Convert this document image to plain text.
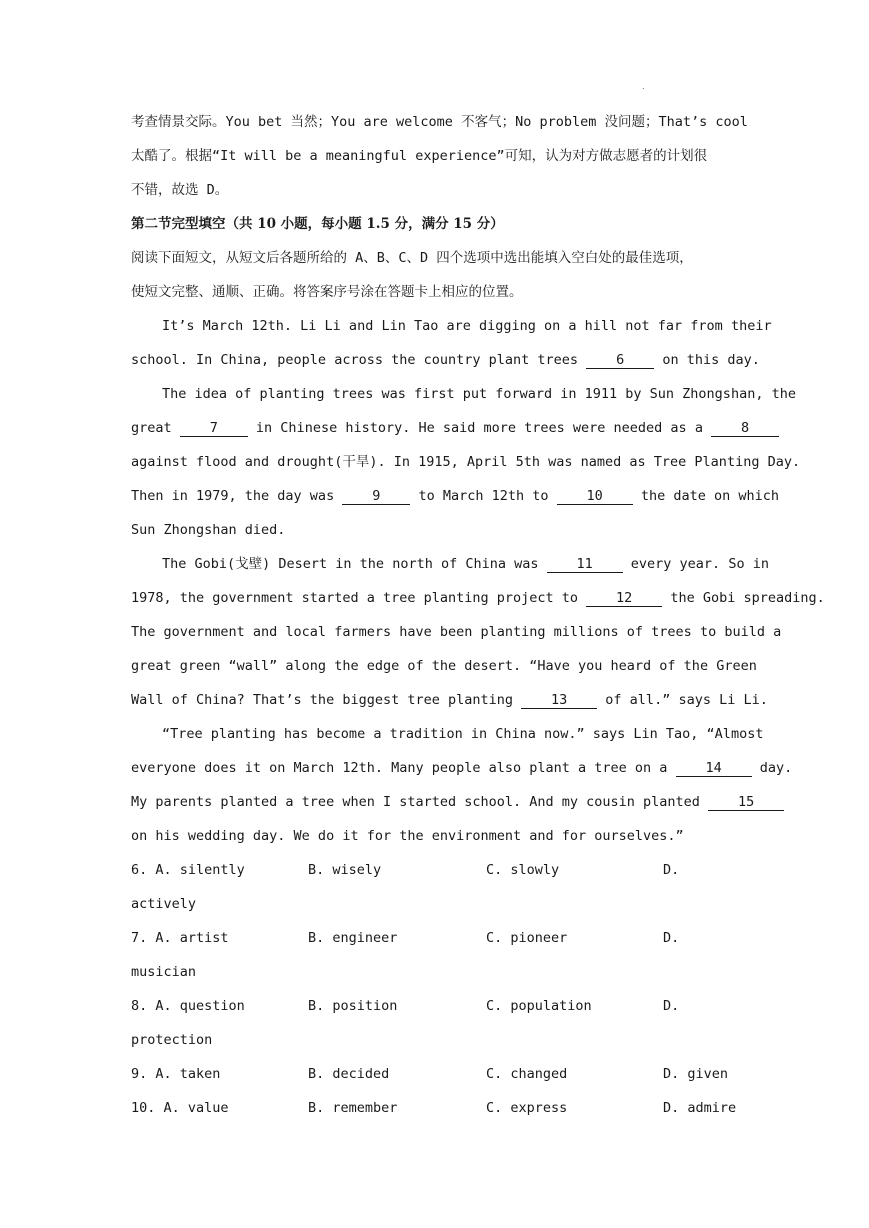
.
考查情景交际。You bet 当然；You are welcome 不客气；No problem 没问题；That’s cool
太酷了。根据“It will be a meaningful experience”可知，认为对方做志愿者的计划很
不错，故选 D。
第二节完型填空（共 10 小题，每小题 1.5 分，满分 15 分）
阅读下面短文，从短文后各题所给的 A、B、C、D 四个选项中选出能填入空白处的最佳选项，
使短文完整、通顺、正确。将答案序号涂在答题卡上相应的位置。
It’s March 12th. Li Li and Lin Tao are digging on a hill not far from their
school. In China, people across the country plant trees	6	on this day.
The idea of planting trees was first put forward in 1911 by Sun Zhongshan, the
great	7	in Chinese history. He said more trees were needed as a	8
against flood and drought(干旱). In 1915, April 5th was named as Tree Planting Day.
Then in 1979, the day was	9	to March 12th to	10	the date on which
Sun Zhongshan died.
The Gobi(戈壁) Desert in the north of China was	11	every year. So in
1978, the government started a tree planting project to	12	the Gobi spreading.
The government and local farmers have been planting millions of trees to build a
great green “wall” along the edge of the desert. “Have you heard of the Green
Wall of China? That’s the biggest tree planting	13	of all.” says Li Li.
“Tree planting has become a tradition in China now.” says Lin Tao, “Almost
everyone does it on March 12th. Many people also plant a tree on a	14	day.
My parents planted a tree when I started school. And my cousin planted	15
on his wedding day. We do it for the environment and for ourselves.”
6. A. silently	B. wisely	C. slowly	D.
actively
7. A. artist	B. engineer	C. pioneer	D.
musician
8. A. question	B. position	C. population	D.
protection
9. A. taken	B. decided	C. changed	D. given
10. A. value	B. remember	C. express	D. admire
